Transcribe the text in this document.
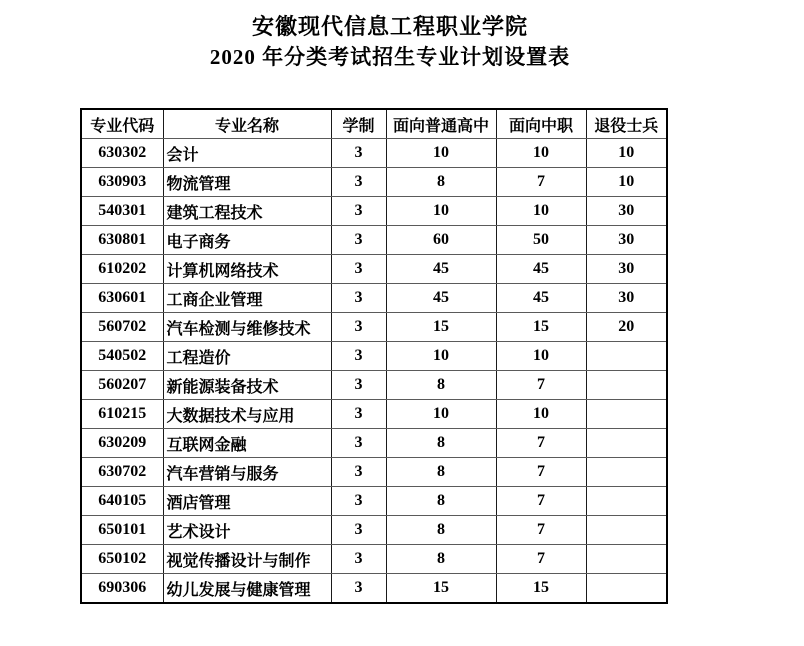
安徽现代信息工程职业学院
2020 年分类考试招生专业计划设置表
专业代码	专业名称	学制	面向普通高中	面向中职	退役士兵
630302	会计	3	10	10	10
630903	物流管理	3	8	7	10
540301	建筑工程技术	3	10	10	30
630801	电子商务	3	60	50	30
610202	计算机网络技术	3	45	45	30
630601	工商企业管理	3	45	45	30
560702	汽车检测与维修技术	3	15	15	20
540502	工程造价	3	10	10	
560207	新能源装备技术	3	8	7	
610215	大数据技术与应用	3	10	10	
630209	互联网金融	3	8	7	
630702	汽车营销与服务	3	8	7	
640105	酒店管理	3	8	7	
650101	艺术设计	3	8	7	
650102	视觉传播设计与制作	3	8	7	
690306	幼儿发展与健康管理	3	15	15	
